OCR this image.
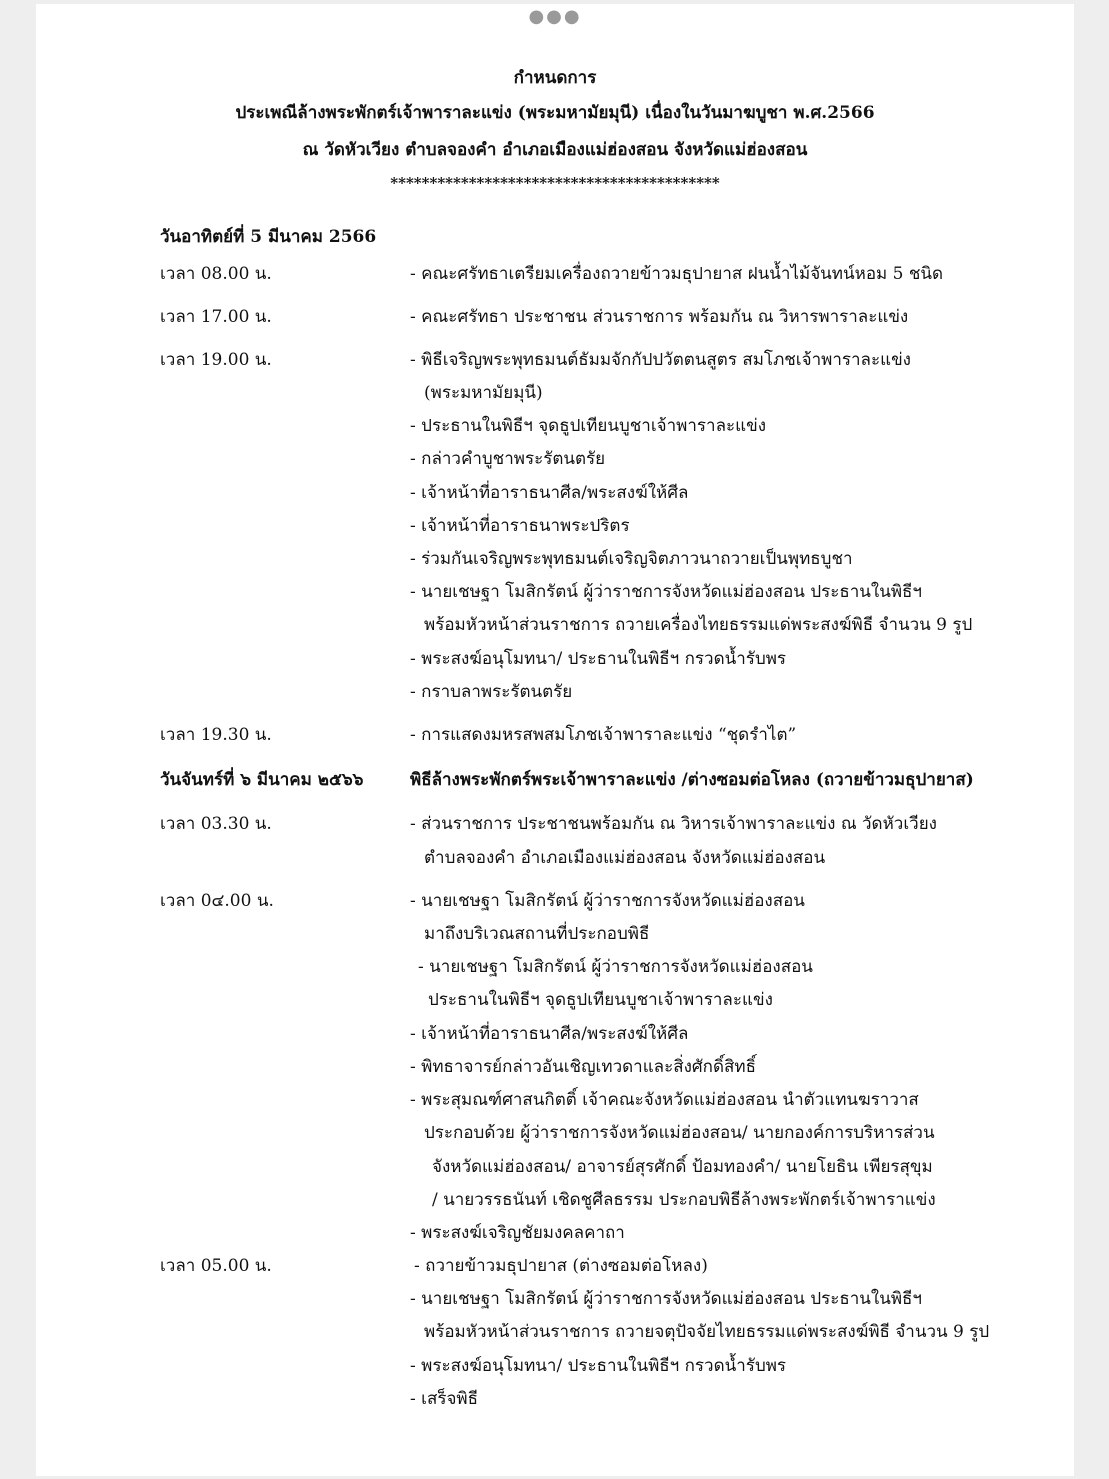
●●●
กำหนดการ
ประเพณีล้างพระพักตร์เจ้าพาราละแข่ง (พระมหามัยมุนี) เนื่องในวันมาฆบูชา พ.ศ.2566
ณ วัดหัวเวียง ตำบลจองคำ อำเภอเมืองแม่ฮ่องสอน จังหวัดแม่ฮ่องสอน
******************************************
วันอาทิตย์ที่ 5 มีนาคม 2566
เวลา 08.00 น.	- คณะศรัทธาเตรียมเครื่องถวายข้าวมธุปายาส ฝนน้ำไม้จันทน์หอม 5 ชนิด
เวลา 17.00 น.	- คณะศรัทธา ประชาชน ส่วนราชการ พร้อมกัน ณ วิหารพาราละแข่ง
เวลา 19.00 น.	- พิธีเจริญพระพุทธมนต์ธัมมจักกัปปวัตตนสูตร สมโภชเจ้าพาราละแข่ง
(พระมหามัยมุนี)
- ประธานในพิธีฯ จุดธูปเทียนบูชาเจ้าพาราละแข่ง
- กล่าวคำบูชาพระรัตนตรัย
- เจ้าหน้าที่อาราธนาศีล/พระสงฆ์ให้ศีล
- เจ้าหน้าที่อาราธนาพระปริตร
- ร่วมกันเจริญพระพุทธมนต์เจริญจิตภาวนาถวายเป็นพุทธบูชา
- นายเชษฐา โมสิกรัตน์ ผู้ว่าราชการจังหวัดแม่ฮ่องสอน ประธานในพิธีฯ
พร้อมหัวหน้าส่วนราชการ ถวายเครื่องไทยธรรมแด่พระสงฆ์พิธี จำนวน 9 รูป
- พระสงฆ์อนุโมทนา/ ประธานในพิธีฯ กรวดน้ำรับพร
- กราบลาพระรัตนตรัย
เวลา 19.30 น.	- การแสดงมหรสพสมโภชเจ้าพาราละแข่ง “ชุดรำไต”
วันจันทร์ที่ ๖ มีนาคม ๒๕๖๖	พิธีล้างพระพักตร์พระเจ้าพาราละแข่ง /ต่างซอมต่อโหลง (ถวายข้าวมธุปายาส)
เวลา 03.30 น.	- ส่วนราชการ ประชาชนพร้อมกัน ณ วิหารเจ้าพาราละแข่ง ณ วัดหัวเวียง
ตำบลจองคำ อำเภอเมืองแม่ฮ่องสอน จังหวัดแม่ฮ่องสอน
เวลา 0๔.00 น.	- นายเชษฐา โมสิกรัตน์ ผู้ว่าราชการจังหวัดแม่ฮ่องสอน
มาถึงบริเวณสถานที่ประกอบพิธี
- นายเชษฐา โมสิกรัตน์ ผู้ว่าราชการจังหวัดแม่ฮ่องสอน
ประธานในพิธีฯ จุดธูปเทียนบูชาเจ้าพาราละแข่ง
- เจ้าหน้าที่อาราธนาศีล/พระสงฆ์ให้ศีล
- พิทธาจารย์กล่าวอันเชิญเทวดาและสิ่งศักดิ์สิทธิ์
- พระสุมณฑ์ศาสนกิตติ์ เจ้าคณะจังหวัดแม่ฮ่องสอน นำตัวแทนฆราวาส
ประกอบด้วย ผู้ว่าราชการจังหวัดแม่ฮ่องสอน/ นายกองค์การบริหารส่วน
จังหวัดแม่ฮ่องสอน/ อาจารย์สุรศักดิ์ ป้อมทองคำ/ นายโยธิน เพียรสุขุม
/ นายวรรธนันท์ เชิดชูศีลธรรม ประกอบพิธีล้างพระพักตร์เจ้าพาราแข่ง
- พระสงฆ์เจริญชัยมงคลคาถา
เวลา 05.00 น.	- ถวายข้าวมธุปายาส (ต่างซอมต่อโหลง)
- นายเชษฐา โมสิกรัตน์ ผู้ว่าราชการจังหวัดแม่ฮ่องสอน ประธานในพิธีฯ
พร้อมหัวหน้าส่วนราชการ ถวายจตุปัจจัยไทยธรรมแด่พระสงฆ์พิธี จำนวน 9 รูป
- พระสงฆ์อนุโมทนา/ ประธานในพิธีฯ กรวดน้ำรับพร
- เสร็จพิธี
